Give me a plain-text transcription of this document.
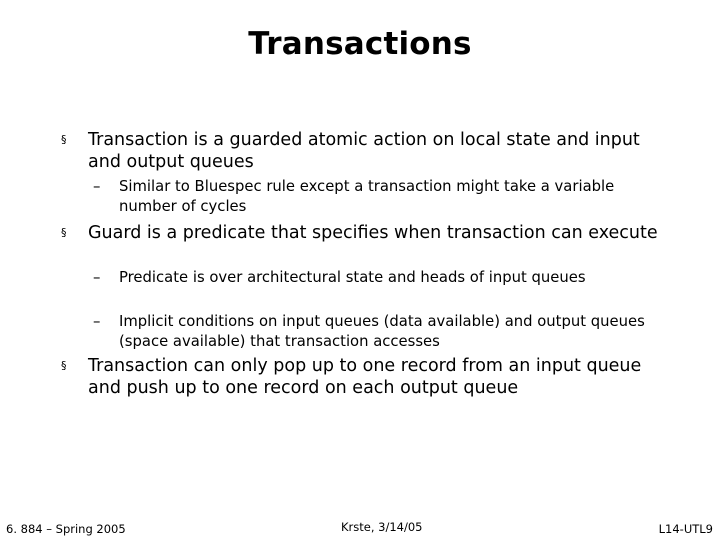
Transactions
§ Transaction is a guarded atomic action on local state and input and output queues
– Similar to Bluespec rule except a transaction might take a variable number of cycles
§ Guard is a predicate that specifies when transaction can execute
– Predicate is over architectural state and heads of input queues
– Implicit conditions on input queues (data available) and output queues (space available) that transaction accesses
§ Transaction can only pop up to one record from an input queue and push up to one record on each output queue
6. 884 – Spring 2005	Krste, 3/14/05	L14-UTL9
